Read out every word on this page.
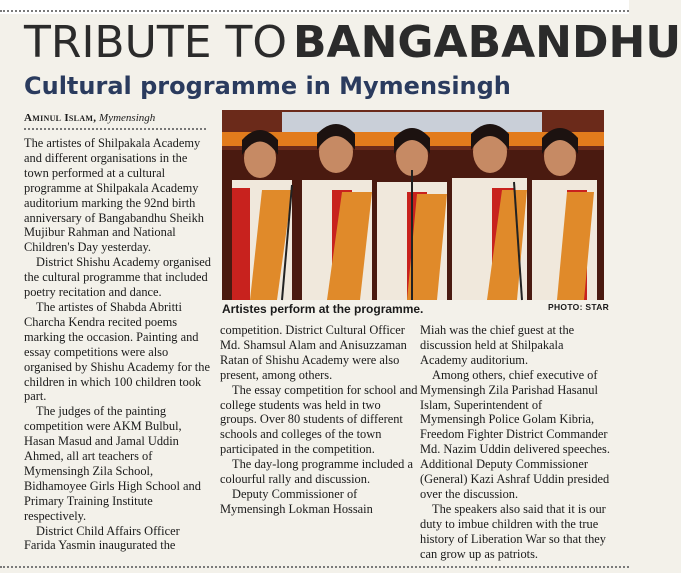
TRIBUTE TO BANGABANDHU
Cultural programme in Mymensingh
Aminul Islam, Mymensingh

The artistes of Shilpakala Academy and different organisations in the town performed at a cultural programme at Shilpakala Academy auditorium marking the 92nd birth anniversary of Bangabandhu Sheikh Mujibur Rahman and National Children's Day yesterday.

District Shishu Academy organised the cultural programme that included poetry recitation and dance.

The artistes of Shabda Abritti Charcha Kendra recited poems marking the occasion. Painting and essay competitions were also organised by Shishu Academy for the children in which 100 children took part.

The judges of the painting competition were AKM Bulbul, Hasan Masud and Jamal Uddin Ahmed, all art teachers of Mymensingh Zila School, Bidhamoyee Girls High School and Primary Training Institute respectively.

District Child Affairs Officer Farida Yasmin inaugurated the

Artistes perform at the programme.	PHOTO: STAR

competition. District Cultural Officer Md. Shamsul Alam and Anisuzzaman Ratan of Shishu Academy were also present, among others.

The essay competition for school and college students was held in two groups. Over 80 students of different schools and colleges of the town participated in the competition.

The day-long programme included a colourful rally and discussion.

Deputy Commissioner of Mymensingh Lokman Hossain

Miah was the chief guest at the discussion held at Shilpakala Academy auditorium.

Among others, chief executive of Mymensingh Zila Parishad Hasanul Islam, Superintendent of Mymensingh Police Golam Kibria, Freedom Fighter District Commander Md. Nazim Uddin delivered speeches. Additional Deputy Commissioner (General) Kazi Ashraf Uddin presided over the discussion.

The speakers also said that it is our duty to imbue children with the true history of Liberation War so that they can grow up as patriots.
